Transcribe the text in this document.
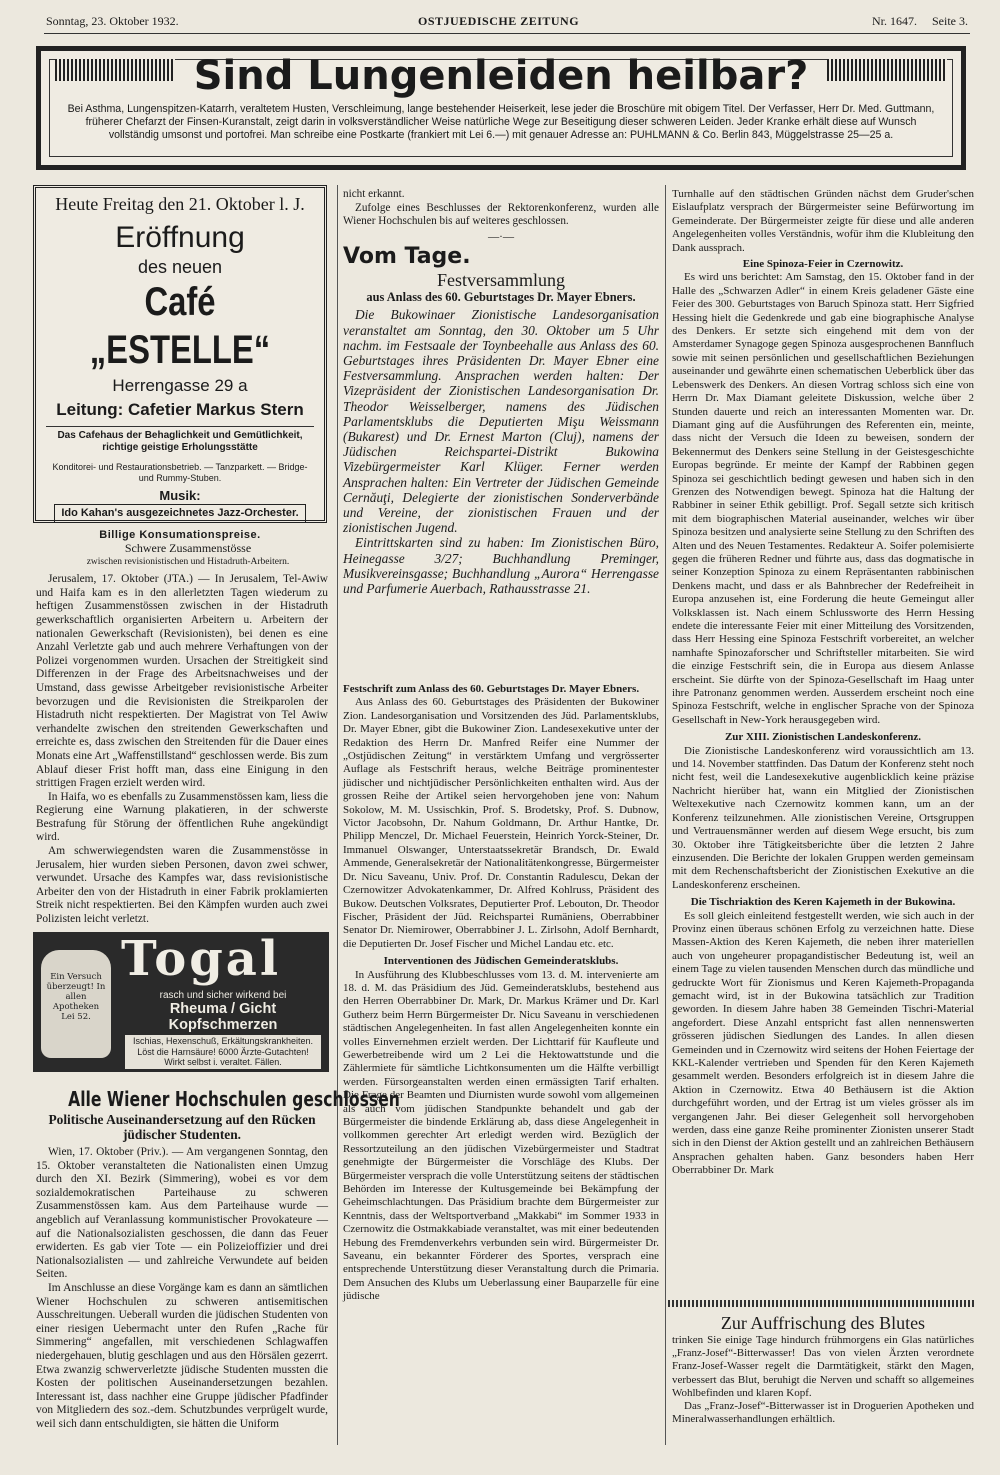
Sonntag, 23. Oktober 1932.	OSTJUEDISCHE ZEITUNG	Nr. 1647. Seite 3.
Sind Lungenleiden heilbar?
Bei Asthma, Lungenspitzen-Katarrh, veraltetem Husten, Verschleimung, lange bestehender Heiserkeit, lese jeder die Broschüre mit obigem Titel. Der Verfasser, Herr Dr. Med. Guttmann, früherer Chefarzt der Finsen-Kuranstalt, zeigt darin in volksverständlicher Weise natürliche Wege zur Beseitigung dieser schweren Leiden. Jeder Kranke erhält diese auf Wunsch vollständig umsonst und portofrei. Man schreibe eine Postkarte (frankiert mit Lei 6.—) mit genauer Adresse an: PUHLMANN & Co. Berlin 843, Müggelstrasse 25—25 a.
Heute Freitag den 21. Oktober l. J.
Eröffnung
des neuen
Café „ESTELLE“
Herrengasse 29 a
Leitung: Cafetier Markus Stern
Das Cafehaus der Behaglichkeit und Gemütlichkeit, richtige geistige Erholungsstätte
Konditorei- und Restaurationsbetrieb. — Tanzparkett. — Bridge- und Rummy-Stuben.
Musik:
Ido Kahan's ausgezeichnetes Jazz-Orchester.
Billige Konsumationspreise.

Schwere Zusammenstösse

zwischen revisionistischen und Histadruth-Arbeitern.

Jerusalem, 17. Oktober (JTA.) — In Jerusalem, Tel-Awiw und Haifa kam es in den allerletzten Tagen wiederum zu heftigen Zusammenstössen zwischen in der Histadruth gewerkschaftlich organisierten Arbeitern u. Arbeitern der nationalen Gewerkschaft (Revisionisten), bei denen es eine Anzahl Verletzte gab und auch mehrere Verhaftungen von der Polizei vorgenommen wurden. Ursachen der Streitigkeit sind Differenzen in der Frage des Arbeitsnachweises und der Umstand, dass gewisse Arbeitgeber revisionistische Arbeiter bevorzugen und die Revisionisten die Streikparolen der Histadruth nicht respektierten. Der Magistrat von Tel Awiw verhandelte zwischen den streitenden Gewerkschaften und erreichte es, dass zwischen den Streitenden für die Dauer eines Monats eine Art „Waffenstillstand“ geschlossen werde. Bis zum Ablauf dieser Frist hofft man, dass eine Einigung in den strittigen Fragen erzielt werden wird.

In Haifa, wo es ebenfalls zu Zusammenstössen kam, liess die Regierung eine Warnung plakatieren, in der schwerste Bestrafung für Störung der öffentlichen Ruhe angekündigt wird.

Am schwerwiegendsten waren die Zusammenstösse in Jerusalem, hier wurden sieben Personen, davon zwei schwer, verwundet. Ursache des Kampfes war, dass revisionistische Arbeiter den von der Histadruth in einer Fabrik proklamierten Streik nicht respektierten. Bei den Kämpfen wurden auch zwei Polizisten leicht verletzt.

Togal
Ein Versuch überzeugt! In allen Apotheken Lei 52.
rasch und sicher wirkend bei
Rheuma / Gicht
Kopfschmerzen
Ischias, Hexenschuß, Erkältungskrankheiten. Löst die Harnsäure! 6000 Ärzte-Gutachten! Wirkt selbst i. veraltet. Fällen.

Alle Wiener Hochschulen geschlossen

Politische Auseinandersetzung auf den Rücken jüdischer Studenten.

Wien, 17. Oktober (Priv.). — Am vergangenen Sonntag, den 15. Oktober veranstalteten die Nationalisten einen Umzug durch den XI. Bezirk (Simmering), wobei es vor dem sozialdemokratischen Parteihause zu schweren Zusammenstössen kam. Aus dem Parteihause wurde — angeblich auf Veranlassung kommunistischer Provokateure — auf die Nationalsozialisten geschossen, die dann das Feuer erwiderten. Es gab vier Tote — ein Polizeioffizier und drei Nationalsozialisten — und zahlreiche Verwundete auf beiden Seiten.

Im Anschlusse an diese Vorgänge kam es dann an sämtlichen Wiener Hochschulen zu schweren antisemitischen Ausschreitungen. Ueberall wurden die jüdischen Studenten von einer riesigen Uebermacht unter den Rufen „Rache für Simmering“ angefallen, mit verschiedenen Schlagwaffen niedergehauen, blutig geschlagen und aus den Hörsälen gezerrt. Etwa zwanzig schwerverletzte jüdische Studenten mussten die Kosten der politischen Auseinandersetzungen bezahlen. Interessant ist, dass nachher eine Gruppe jüdischer Pfadfinder von Mitgliedern des soz.-dem. Schutzbundes verprügelt wurde, weil sich dann entschuldigten, sie hätten die Uniform

nicht erkannt.

Zufolge eines Beschlusses der Rektorenkonferenz, wurden alle Wiener Hochschulen bis auf weiteres geschlossen.

—·—

Vom Tage.

Festversammlung

aus Anlass des 60. Geburtstages Dr. Mayer Ebners.

Die Bukowinaer Zionistische Landesorganisation veranstaltet am Sonntag, den 30. Oktober um 5 Uhr nachm. im Festsaale der Toynbeehalle aus Anlass des 60. Geburtstages ihres Präsidenten Dr. Mayer Ebner eine Festversammlung. Ansprachen werden halten: Der Vizepräsident der Zionistischen Landesorganisation Dr. Theodor Weisselberger, namens des Jüdischen Parlamentsklubs die Deputierten Mişu Weissmann (Bukarest) und Dr. Ernest Marton (Cluj), namens der Jüdischen Reichspartei-Distrikt Bukowina Vizebürgermeister Karl Klüger. Ferner werden Ansprachen halten: Ein Vertreter der Jüdischen Gemeinde Cernăuţi, Delegierte der zionistischen Sonderverbände und Vereine, der zionistischen Frauen und der zionistischen Jugend.

Eintrittskarten sind zu haben: Im Zionistischen Büro, Heinegasse 3/27; Buchhandlung Preminger, Musikvereinsgasse; Buchhandlung „Aurora“ Herrengasse und Parfumerie Auerbach, Rathausstrasse 21.

Festschrift zum Anlass des 60. Geburtstages Dr. Mayer Ebners.

Aus Anlass des 60. Geburtstages des Präsidenten der Bukowiner Zion. Landesorganisation und Vorsitzenden des Jüd. Parlamentsklubs, Dr. Mayer Ebner, gibt die Bukowiner Zion. Landesexekutive unter der Redaktion des Herrn Dr. Manfred Reifer eine Nummer der „Ostjüdischen Zeitung“ in verstärktem Umfang und vergrösserter Auflage als Festschrift heraus, welche Beiträge prominentester jüdischer und nichtjüdischer Persönlichkeiten enthalten wird. Aus der grossen Reihe der Artikel seien hervorgehoben jene von: Nahum Sokolow, M. M. Ussischkin, Prof. S. Brodetsky, Prof. S. Dubnow, Victor Jacobsohn, Dr. Nahum Goldmann, Dr. Arthur Hantke, Dr. Philipp Menczel, Dr. Michael Feuerstein, Heinrich Yorck-Steiner, Dr. Immanuel Olswanger, Unterstaatssekretär Brandsch, Dr. Ewald Ammende, Generalsekretär der Nationalitätenkongresse, Bürgermeister Dr. Nicu Saveanu, Univ. Prof. Dr. Constantin Radulescu, Dekan der Czernowitzer Advokatenkammer, Dr. Alfred Kohlruss, Präsident des Bukow. Deutschen Volksrates, Deputierter Prof. Lebouton, Dr. Theodor Fischer, Präsident der Jüd. Reichspartei Rumäniens, Oberrabbiner Senator Dr. Niemirower, Oberrabbiner J. L. Zirlsohn, Adolf Bernhardt, die Deputierten Dr. Josef Fischer und Michel Landau etc. etc.

Interventionen des Jüdischen Gemeinderatsklubs.

In Ausführung des Klubbeschlusses vom 13. d. M. intervenierte am 18. d. M. das Präsidium des Jüd. Gemeinderatsklubs, bestehend aus den Herren Oberrabbiner Dr. Mark, Dr. Markus Krämer und Dr. Karl Gutherz beim Herrn Bürgermeister Dr. Nicu Saveanu in verschiedenen städtischen Angelegenheiten. In fast allen Angelegenheiten konnte ein volles Einvernehmen erzielt werden. Der Lichttarif für Kaufleute und Gewerbetreibende wird um 2 Lei die Hektowattstunde und die Zählermiete für sämtliche Lichtkonsumenten um die Hälfte verbilligt werden. Fürsorgeanstalten werden einen ermässigten Tarif erhalten. Die Frage der Beamten und Diurnisten wurde sowohl vom allgemeinen als auch vom jüdischen Standpunkte behandelt und gab der Bürgermeister die bindende Erklärung ab, dass diese Angelegenheit in vollkommen gerechter Art erledigt werden wird. Bezüglich der Ressortzuteilung an den jüdischen Vizebürgermeister und Stadtrat genehmigte der Bürgermeister die Vorschläge des Klubs. Der Bürgermeister versprach die volle Unterstützung seitens der städtischen Behörden im Interesse der Kultusgemeinde bei Bekämpfung der Geheimschlachtungen. Das Präsidium brachte dem Bürgermeister zur Kenntnis, dass der Weltsportverband „Makkabi“ im Sommer 1933 in Czernowitz die Ostmakkabiade veranstaltet, was mit einer bedeutenden Hebung des Fremdenverkehrs verbunden sein wird. Bürgermeister Dr. Saveanu, ein bekannter Förderer des Sportes, versprach eine entsprechende Unterstützung dieser Veranstaltung durch die Primaria. Dem Ansuchen des Klubs um Ueberlassung einer Bauparzelle für eine jüdische

Turnhalle auf den städtischen Gründen nächst dem Gruder'schen Eislaufplatz versprach der Bürgermeister seine Befürwortung im Gemeinderate. Der Bürgermeister zeigte für diese und alle anderen Angelegenheiten volles Verständnis, wofür ihm die Klubleitung den Dank aussprach.

Eine Spinoza-Feier in Czernowitz.

Es wird uns berichtet: Am Samstag, den 15. Oktober fand in der Halle des „Schwarzen Adler“ in einem Kreis geladener Gäste eine Feier des 300. Geburtstages von Baruch Spinoza statt. Herr Sigfried Hessing hielt die Gedenkrede und gab eine biographische Analyse des Denkers. Er setzte sich eingehend mit dem von der Amsterdamer Synagoge gegen Spinoza ausgesprochenen Bannfluch sowie mit seinen persönlichen und gesellschaftlichen Beziehungen auseinander und gewährte einen schematischen Ueberblick über das Lebenswerk des Denkers. An diesen Vortrag schloss sich eine von Herrn Dr. Max Diamant geleitete Diskussion, welche über 2 Stunden dauerte und reich an interessanten Momenten war. Dr. Diamant ging auf die Ausführungen des Referenten ein, meinte, dass nicht der Versuch die Ideen zu beweisen, sondern der Bekennermut des Denkers seine Stellung in der Geistesgeschichte Europas begründe. Er meinte der Kampf der Rabbinen gegen Spinoza sei geschichtlich bedingt gewesen und haben sich in den Grenzen des Notwendigen bewegt. Spinoza hat die Haltung der Rabbiner in seiner Ethik gebilligt. Prof. Segall setzte sich kritisch mit dem biographischen Material auseinander, welches wir über Spinoza besitzen und analysierte seine Stellung zu den Schriften des Alten und des Neuen Testamentes. Redakteur A. Soifer polemisierte gegen die früheren Redner und führte aus, dass das dogmatische in seiner Konzeption Spinoza zu einem Repräsentanten rabbinischen Denkens macht, und dass er als Bahnbrecher der Redefreiheit in Europa anzusehen ist, eine Forderung die heute Gemeingut aller Volksklassen ist. Nach einem Schlussworte des Herrn Hessing endete die interessante Feier mit einer Mitteilung des Vorsitzenden, dass Herr Hessing eine Spinoza Festschrift vorbereitet, an welcher namhafte Spinozaforscher und Schriftsteller mitarbeiten. Sie wird die einzige Festschrift sein, die in Europa aus diesem Anlasse erscheint. Sie dürfte von der Spinoza-Gesellschaft im Haag unter ihre Patronanz genommen werden. Ausserdem erscheint noch eine Spinoza Festschrift, welche in englischer Sprache von der Spinoza Gesellschaft in New-York herausgegeben wird.

Zur XIII. Zionistischen Landeskonferenz.

Die Zionistische Landeskonferenz wird voraussichtlich am 13. und 14. November stattfinden. Das Datum der Konferenz steht noch nicht fest, weil die Landesexekutive augenblicklich keine präzise Nachricht hierüber hat, wann ein Mitglied der Zionistischen Weltexekutive nach Czernowitz kommen kann, um an der Konferenz teilzunehmen. Alle zionistischen Vereine, Ortsgruppen und Vertrauensmänner werden auf diesem Wege ersucht, bis zum 30. Oktober ihre Tätigkeitsberichte über die letzten 2 Jahre einzusenden. Die Berichte der lokalen Gruppen werden gemeinsam mit dem Rechenschaftsbericht der Zionistischen Exekutive an die Landeskonferenz erscheinen.

Die Tischriaktion des Keren Kajemeth in der Bukowina.

Es soll gleich einleitend festgestellt werden, wie sich auch in der Provinz einen überaus schönen Erfolg zu verzeichnen hatte. Diese Massen-Aktion des Keren Kajemeth, die neben ihrer materiellen auch von ungeheurer propagandistischer Bedeutung ist, weil an einem Tage zu vielen tausenden Menschen durch das mündliche und gedruckte Wort für Zionismus und Keren Kajemeth-Propaganda gemacht wird, ist in der Bukowina tatsächlich zur Tradition geworden. In diesem Jahre haben 38 Gemeinden Tischri-Material angefordert. Diese Anzahl entspricht fast allen nennenswerten grösseren jüdischen Siedlungen des Landes. In allen diesen Gemeinden und in Czernowitz wird seitens der Hohen Feiertage der KKL-Kalender vertrieben und Spenden für den Keren Kajemeth gesammelt werden. Besonders erfolgreich ist in diesem Jahre die Aktion in Czernowitz. Etwa 40 Bethäusern ist die Aktion durchgeführt worden, und der Ertrag ist um vieles grösser als im vergangenen Jahr. Bei dieser Gelegenheit soll hervorgehoben werden, dass eine ganze Reihe prominenter Zionisten unserer Stadt sich in den Dienst der Aktion gestellt und an zahlreichen Bethäusern Ansprachen gehalten haben. Ganz besonders haben Herr Oberrabbiner Dr. Mark

Zur Auffrischung des Blutes

trinken Sie einige Tage hindurch frühmorgens ein Glas natürliches „Franz-Josef“-Bitterwasser! Das von vielen Ärzten verordnete Franz-Josef-Wasser regelt die Darmtätigkeit, stärkt den Magen, verbessert das Blut, beruhigt die Nerven und schafft so allgemeines Wohlbefinden und klaren Kopf.

Das „Franz-Josef“-Bitterwasser ist in Droguerien Apotheken und Mineralwasserhandlungen erhältlich.
